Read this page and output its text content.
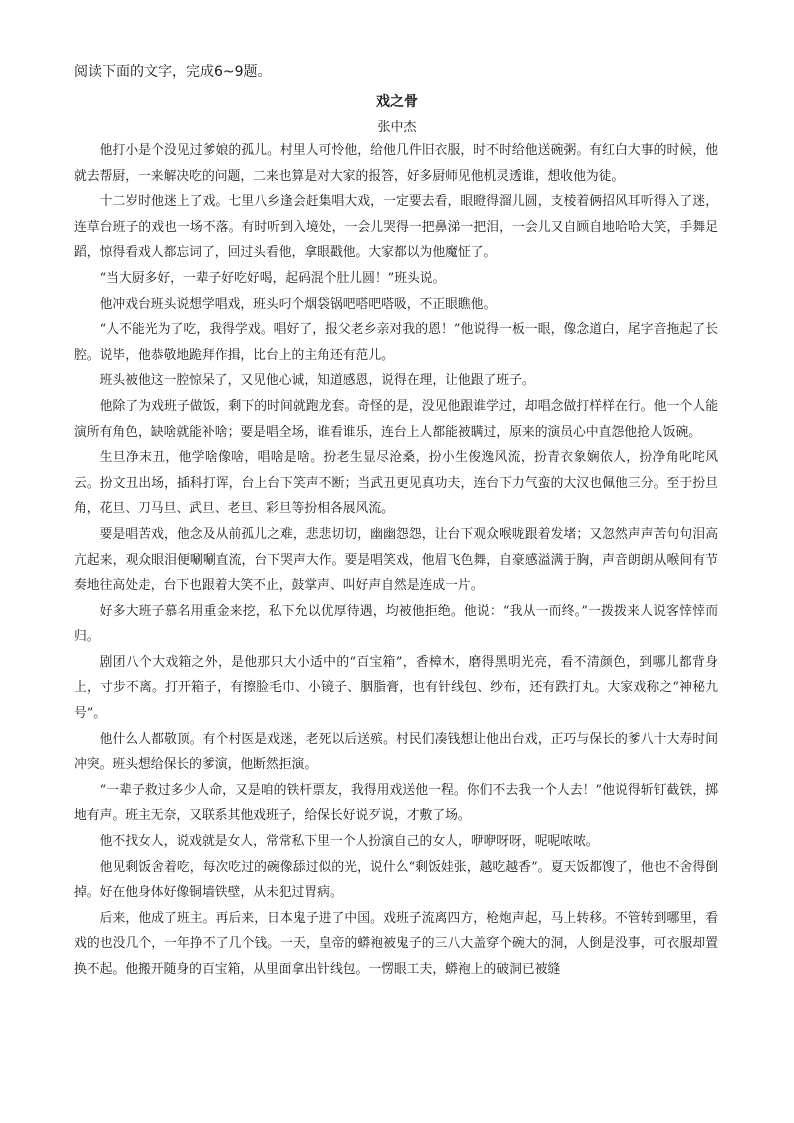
阅读下面的文字，完成6~9题。

戏之骨

张中杰

他打小是个没见过爹娘的孤儿。村里人可怜他，给他几件旧衣服，时不时给他送碗粥。有红白大事的时候，他就去帮厨，一来解决吃的问题，二来也算是对大家的报答，好多厨师见他机灵透谁，想收他为徒。

十二岁时他迷上了戏。七里八乡逢会赶集唱大戏，一定要去看，眼瞪得溜儿圆，支棱着俩招风耳听得入了迷，连草台班子的戏也一场不落。有时听到入境处，一会儿哭得一把鼻涕一把泪，一会儿又自顾自地哈哈大笑，手舞足蹈，惊得看戏人都忘词了，回过头看他，拿眼戳他。大家都以为他魔怔了。

“当大厨多好，一辈子好吃好喝，起码混个肚儿圆！”班头说。

他冲戏台班头说想学唱戏，班头叼个烟袋锅吧嗒吧嗒吸，不正眼瞧他。

“人不能光为了吃，我得学戏。唱好了，报父老乡亲对我的恩！”他说得一板一眼，像念道白，尾字音拖起了长腔。说毕，他恭敬地跪拜作揖，比台上的主角还有范儿。

班头被他这一腔惊呆了，又见他心诚，知道感恩，说得在理，让他跟了班子。

他除了为戏班子做饭，剩下的时间就跑龙套。奇怪的是，没见他跟谁学过，却唱念做打样样在行。他一个人能演所有角色，缺啥就能补啥；要是唱全场，谁看谁乐，连台上人都能被瞒过，原来的演员心中直怨他抢人饭碗。

生旦净末丑，他学啥像啥，唱啥是啥。扮老生显尽沧桑，扮小生俊逸风流，扮青衣象娴依人，扮净角叱咤风云。扮文丑出场，插科打诨，台上台下笑声不断；当武丑更见真功夫，连台下力气蛮的大汉也佩他三分。至于扮旦角，花旦、刀马旦、武旦、老旦、彩旦等扮相各展风流。

要是唱苦戏，他念及从前孤儿之难，悲悲切切，幽幽怨怨，让台下观众喉咙跟着发堵；又忽然声声苦句句泪高亢起来，观众眼泪便唰唰直流，台下哭声大作。要是唱笑戏，他眉飞色舞，自豪感溢满于胸，声音朗朗从喉间有节奏地往高处走，台下也跟着大笑不止，鼓掌声、叫好声自然是连成一片。

好多大班子慕名用重金来挖，私下允以优厚待遇，均被他拒绝。他说：“我从一而终。”一拨拨来人说客悻悻而归。

剧团八个大戏箱之外，是他那只大小适中的“百宝箱”，香樟木，磨得黑明光亮，看不清颜色，到哪儿都背身上，寸步不离。打开箱子，有擦脸毛巾、小镜子、胭脂膏，也有针线包、纱布，还有跌打丸。大家戏称之“神秘九号”。

他什么人都敬顶。有个村医是戏迷，老死以后送殡。村民们凑钱想让他出台戏，正巧与保长的爹八十大寿时间冲突。班头想给保长的爹演，他断然拒演。

“一辈子救过多少人命，又是咱的铁杆票友，我得用戏送他一程。你们不去我一个人去！”他说得斩钉截铁，掷地有声。班主无奈，又联系其他戏班子，给保长好说歹说，才敷了场。

他不找女人，说戏就是女人，常常私下里一个人扮演自己的女人，咿咿呀呀，呢呢哝哝。

他见剩饭舍着吃，每次吃过的碗像舔过似的光，说什么“剩饭娃张，越吃越香”。夏天饭都馊了，他也不舍得倒掉。好在他身体好像铜墙铁壁，从未犯过胃病。

后来，他成了班主。再后来，日本鬼子进了中国。戏班子流离四方，枪炮声起，马上转移。不管转到哪里，看戏的也没几个，一年挣不了几个钱。一天，皇帝的蟒袍被鬼子的三八大盖穿个碗大的洞，人倒是没事，可衣服却置换不起。他搬开随身的百宝箱，从里面拿出针线包。一愣眼工夫，蟒袍上的破洞已被缝
